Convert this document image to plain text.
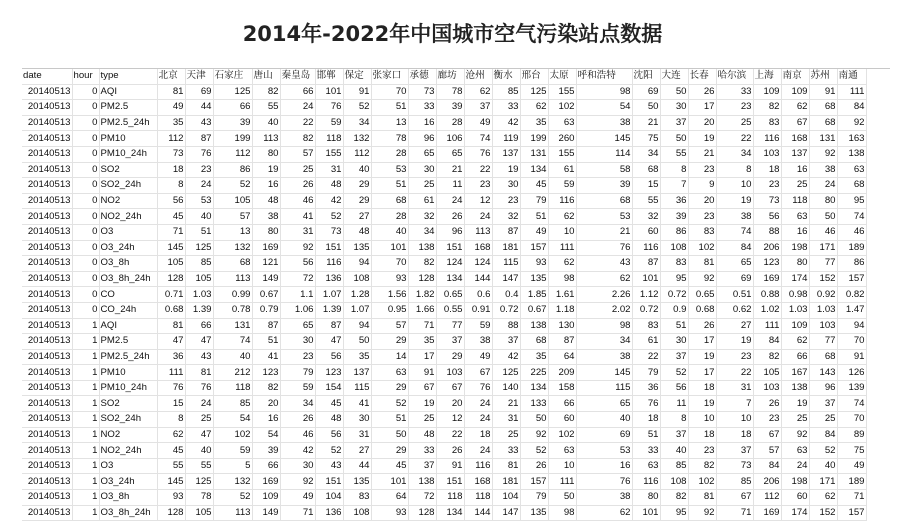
2014年-2022年中国城市空气污染站点数据
date	hour	type	北京	天津	石家庄	唐山	秦皇岛	邯郸	保定	张家口	承德	廊坊	沧州	衡水	邢台	太原	呼和浩特	沈阳	大连	长春	哈尔滨	上海	南京	苏州	南通
20140513	0	AQI	81	69	125	82	66	101	91	70	73	78	62	85	125	155	98	69	50	26	33	109	109	91	111
20140513	0	PM2.5	49	44	66	55	24	76	52	51	33	39	37	33	62	102	54	50	30	17	23	82	62	68	84
20140513	0	PM2.5_24h	35	43	39	40	22	59	34	13	16	28	49	42	35	63	38	21	37	20	25	83	67	68	92
20140513	0	PM10	112	87	199	113	82	118	132	78	96	106	74	119	199	260	145	75	50	19	22	116	168	131	163
20140513	0	PM10_24h	73	76	112	80	57	155	112	28	65	65	76	137	131	155	114	34	55	21	34	103	137	92	138
20140513	0	SO2	18	23	86	19	25	31	40	53	30	21	22	19	134	61	58	68	8	23	8	18	16	38	63
20140513	0	SO2_24h	8	24	52	16	26	48	29	51	25	11	23	30	45	59	39	15	7	9	10	23	25	24	68
20140513	0	NO2	56	53	105	48	46	42	29	68	61	24	12	23	79	116	68	55	36	20	19	73	118	80	95
20140513	0	NO2_24h	45	40	57	38	41	52	27	28	32	26	24	32	51	62	53	32	39	23	38	56	63	50	74
20140513	0	O3	71	51	13	80	31	73	48	40	34	96	113	87	49	10	21	60	86	83	74	88	16	46	46
20140513	0	O3_24h	145	125	132	169	92	151	135	101	138	151	168	181	157	111	76	116	108	102	84	206	198	171	189
20140513	0	O3_8h	105	85	68	121	56	116	94	70	82	124	124	115	93	62	43	87	83	81	65	123	80	77	86
20140513	0	O3_8h_24h	128	105	113	149	72	136	108	93	128	134	144	147	135	98	62	101	95	92	69	169	174	152	157
20140513	0	CO	0.71	1.03	0.99	0.67	1.1	1.07	1.28	1.56	1.82	0.65	0.6	0.4	1.85	1.61	2.26	1.12	0.72	0.65	0.51	0.88	0.98	0.92	0.82
20140513	0	CO_24h	0.68	1.39	0.78	0.79	1.06	1.39	1.07	0.95	1.66	0.55	0.91	0.72	0.67	1.18	2.02	0.72	0.9	0.68	0.62	1.02	1.03	1.03	1.47
20140513	1	AQI	81	66	131	87	65	87	94	57	71	77	59	88	138	130	98	83	51	26	27	111	109	103	94
20140513	1	PM2.5	47	47	74	51	30	47	50	29	35	37	38	37	68	87	34	61	30	17	19	84	62	77	70
20140513	1	PM2.5_24h	36	43	40	41	23	56	35	14	17	29	49	42	35	64	38	22	37	19	23	82	66	68	91
20140513	1	PM10	111	81	212	123	79	123	137	63	91	103	67	125	225	209	145	79	52	17	22	105	167	143	126
20140513	1	PM10_24h	76	76	118	82	59	154	115	29	67	67	76	140	134	158	115	36	56	18	31	103	138	96	139
20140513	1	SO2	15	24	85	20	34	45	41	52	19	20	24	21	133	66	65	76	11	19	7	26	19	37	74
20140513	1	SO2_24h	8	25	54	16	26	48	30	51	25	12	24	31	50	60	40	18	8	10	10	23	25	25	70
20140513	1	NO2	62	47	102	54	46	56	31	50	48	22	18	25	92	102	69	51	37	18	18	67	92	84	89
20140513	1	NO2_24h	45	40	59	39	42	52	27	29	33	26	24	33	52	63	53	33	40	23	37	57	63	52	75
20140513	1	O3	55	55	5	66	30	43	44	45	37	91	116	81	26	10	16	63	85	82	73	84	24	40	49
20140513	1	O3_24h	145	125	132	169	92	151	135	101	138	151	168	181	157	111	76	116	108	102	85	206	198	171	189
20140513	1	O3_8h	93	78	52	109	49	104	83	64	72	118	118	104	79	50	38	80	82	81	67	112	60	62	71
20140513	1	O3_8h_24h	128	105	113	149	71	136	108	93	128	134	144	147	135	98	62	101	95	92	71	169	174	152	157
